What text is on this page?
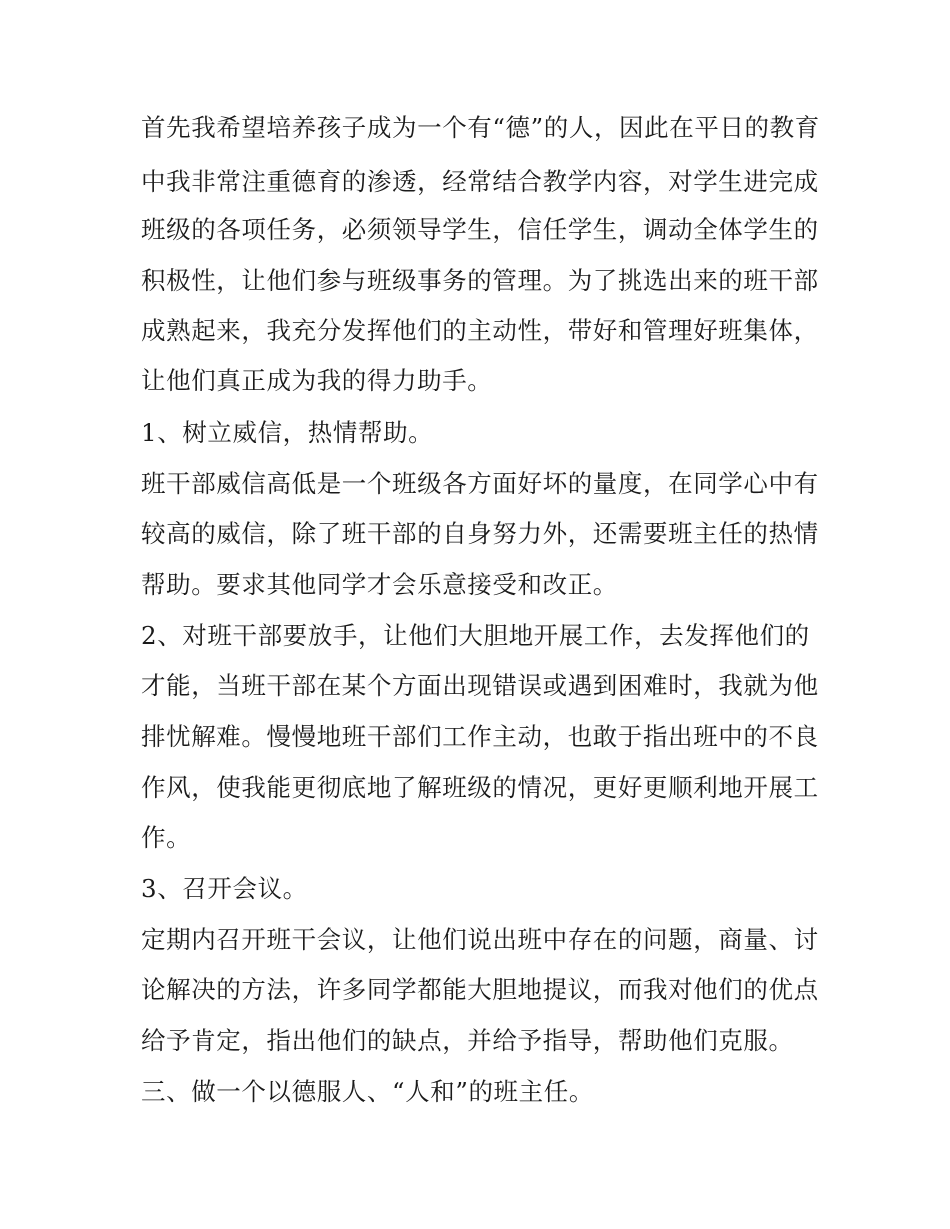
首先我希望培养孩子成为一个有“德”的人，因此在平日的教育

中我非常注重德育的渗透，经常结合教学内容，对学生进完成

班级的各项任务，必须领导学生，信任学生，调动全体学生的

积极性，让他们参与班级事务的管理。为了挑选出来的班干部

成熟起来，我充分发挥他们的主动性，带好和管理好班集体，

让他们真正成为我的得力助手。

1、树立威信，热情帮助。

班干部威信高低是一个班级各方面好坏的量度，在同学心中有

较高的威信，除了班干部的自身努力外，还需要班主任的热情

帮助。要求其他同学才会乐意接受和改正。

2、对班干部要放手，让他们大胆地开展工作，去发挥他们的

才能，当班干部在某个方面出现错误或遇到困难时，我就为他

排忧解难。慢慢地班干部们工作主动，也敢于指出班中的不良

作风，使我能更彻底地了解班级的情况，更好更顺利地开展工

作。

3、召开会议。

定期内召开班干会议，让他们说出班中存在的问题，商量、讨

论解决的方法，许多同学都能大胆地提议，而我对他们的优点

给予肯定，指出他们的缺点，并给予指导，帮助他们克服。

三、做一个以德服人、“人和”的班主任。
